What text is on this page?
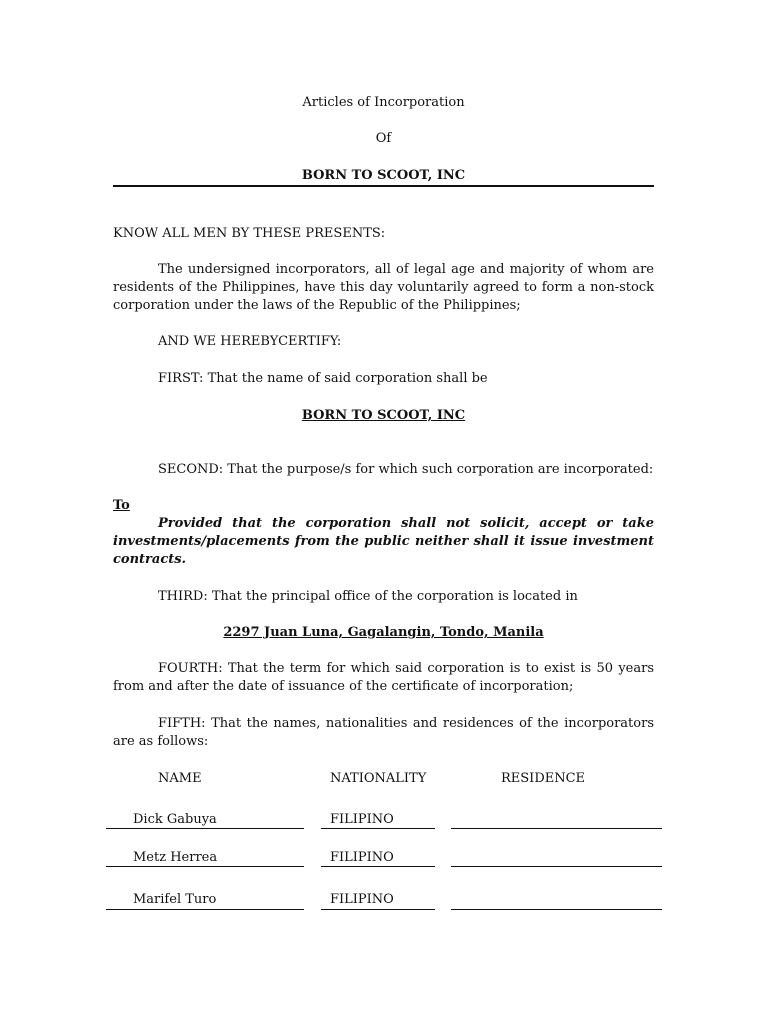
Articles of Incorporation
Of
BORN TO SCOOT, INC
KNOW ALL MEN BY THESE PRESENTS:
The undersigned incorporators, all of legal age and majority of whom are residents of the Philippines, have this day voluntarily agreed to form a non-stock corporation under the laws of the Republic of the Philippines;
AND WE HEREBYCERTIFY:
FIRST: That the name of said corporation shall be
BORN TO SCOOT, INC
SECOND: That the purpose/s for which such corporation are incorporated:
To
Provided that the corporation shall not solicit, accept or take investments/placements from the public neither shall it issue investment contracts.
THIRD: That the principal office of the corporation is located in
2297 Juan Luna, Gagalangin, Tondo, Manila
FOURTH: That the term for which said corporation is to exist is 50 years from and after the date of issuance of the certificate of incorporation;
FIFTH: That the names, nationalities and residences of the incorporators are as follows:
NAME	NATIONALITY	RESIDENCE
Dick Gabuya	FILIPINO
Metz Herrea	FILIPINO
Marifel Turo	FILIPINO
